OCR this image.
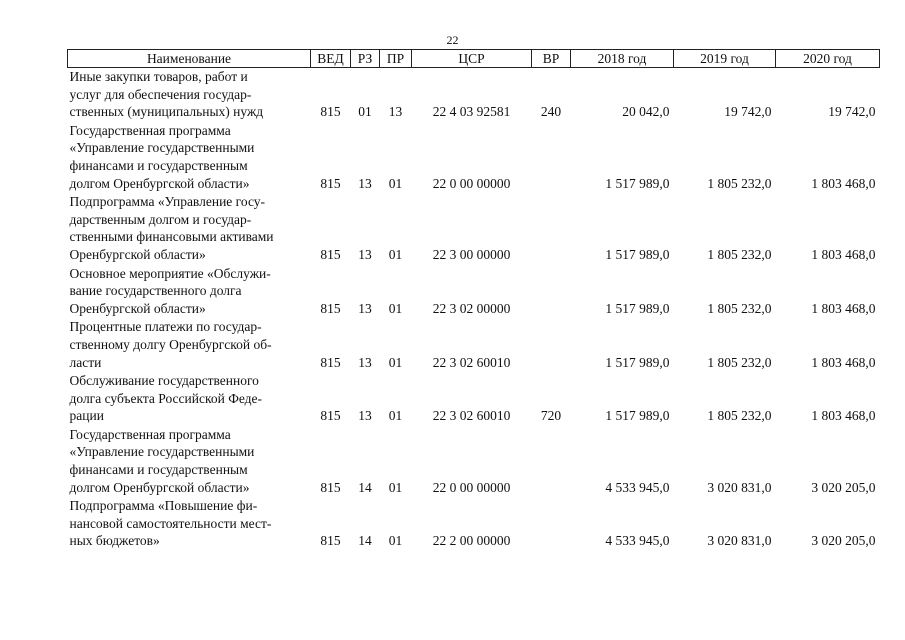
22
Наименование	ВЕД	РЗ	ПР	ЦСР	ВР	2018 год	2019 год	2020 год

Иные закупки товаров, работ и
услуг для обеспечения государ-
ственных (муниципальных) нужд	815	01	13	22 4 03 92581	240	20 042,0	19 742,0	19 742,0

Государственная программа
«Управление государственными
финансами и государственным
долгом Оренбургской области»	815	13	01	22 0 00 00000		1 517 989,0	1 805 232,0	1 803 468,0

Подпрограмма «Управление госу-
дарственным долгом и государ-
ственными финансовыми активами
Оренбургской области»	815	13	01	22 3 00 00000		1 517 989,0	1 805 232,0	1 803 468,0

Основное мероприятие «Обслужи-
вание государственного долга
Оренбургской области»	815	13	01	22 3 02 00000		1 517 989,0	1 805 232,0	1 803 468,0

Процентные платежи по государ-
ственному долгу Оренбургской об-
ласти	815	13	01	22 3 02 60010		1 517 989,0	1 805 232,0	1 803 468,0

Обслуживание государственного
долга субъекта Российской Феде-
рации	815	13	01	22 3 02 60010	720	1 517 989,0	1 805 232,0	1 803 468,0

Государственная программа
«Управление государственными
финансами и государственным
долгом Оренбургской области»	815	14	01	22 0 00 00000		4 533 945,0	3 020 831,0	3 020 205,0

Подпрограмма «Повышение фи-
нансовой самостоятельности мест-
ных бюджетов»	815	14	01	22 2 00 00000		4 533 945,0	3 020 831,0	3 020 205,0
